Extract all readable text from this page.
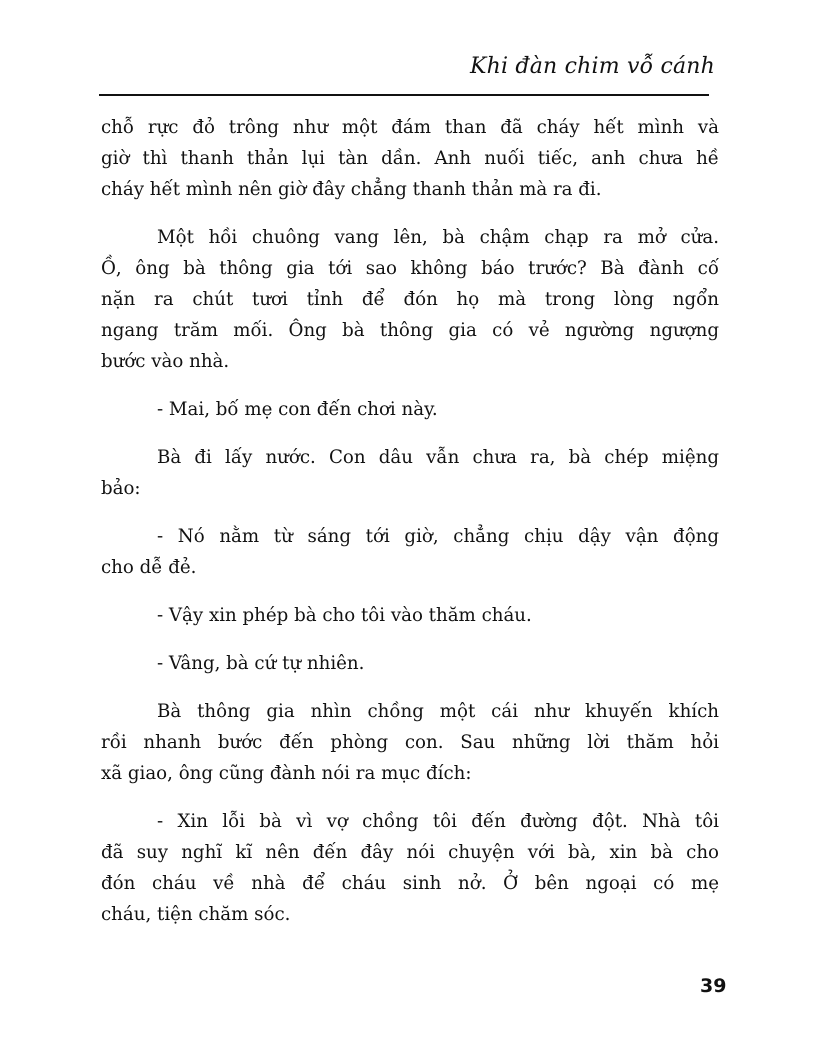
Khi đàn chim vỗ cánh
chỗ rực đỏ trông như một đám than đã cháy hết mình và
giờ thì thanh thản lụi tàn dần. Anh nuối tiếc, anh chưa hề
cháy hết mình nên giờ đây chẳng thanh thản mà ra đi.
Một hồi chuông vang lên, bà chậm chạp ra mở cửa.
Ồ, ông bà thông gia tới sao không báo trước? Bà đành cố
nặn ra chút tươi tỉnh để đón họ mà trong lòng ngổn
ngang trăm mối. Ông bà thông gia có vẻ ngường ngượng
bước vào nhà.
- Mai, bố mẹ con đến chơi này.
Bà đi lấy nước. Con dâu vẫn chưa ra, bà chép miệng
bảo:
- Nó nằm từ sáng tới giờ, chẳng chịu dậy vận động
cho dễ đẻ.
- Vậy xin phép bà cho tôi vào thăm cháu.
- Vâng, bà cứ tự nhiên.
Bà thông gia nhìn chồng một cái như khuyến khích
rồi nhanh bước đến phòng con. Sau những lời thăm hỏi
xã giao, ông cũng đành nói ra mục đích:
- Xin lỗi bà vì vợ chồng tôi đến đường đột. Nhà tôi
đã suy nghĩ kĩ nên đến đây nói chuyện với bà, xin bà cho
đón cháu về nhà để cháu sinh nở. Ở bên ngoại có mẹ
cháu, tiện chăm sóc.
39
